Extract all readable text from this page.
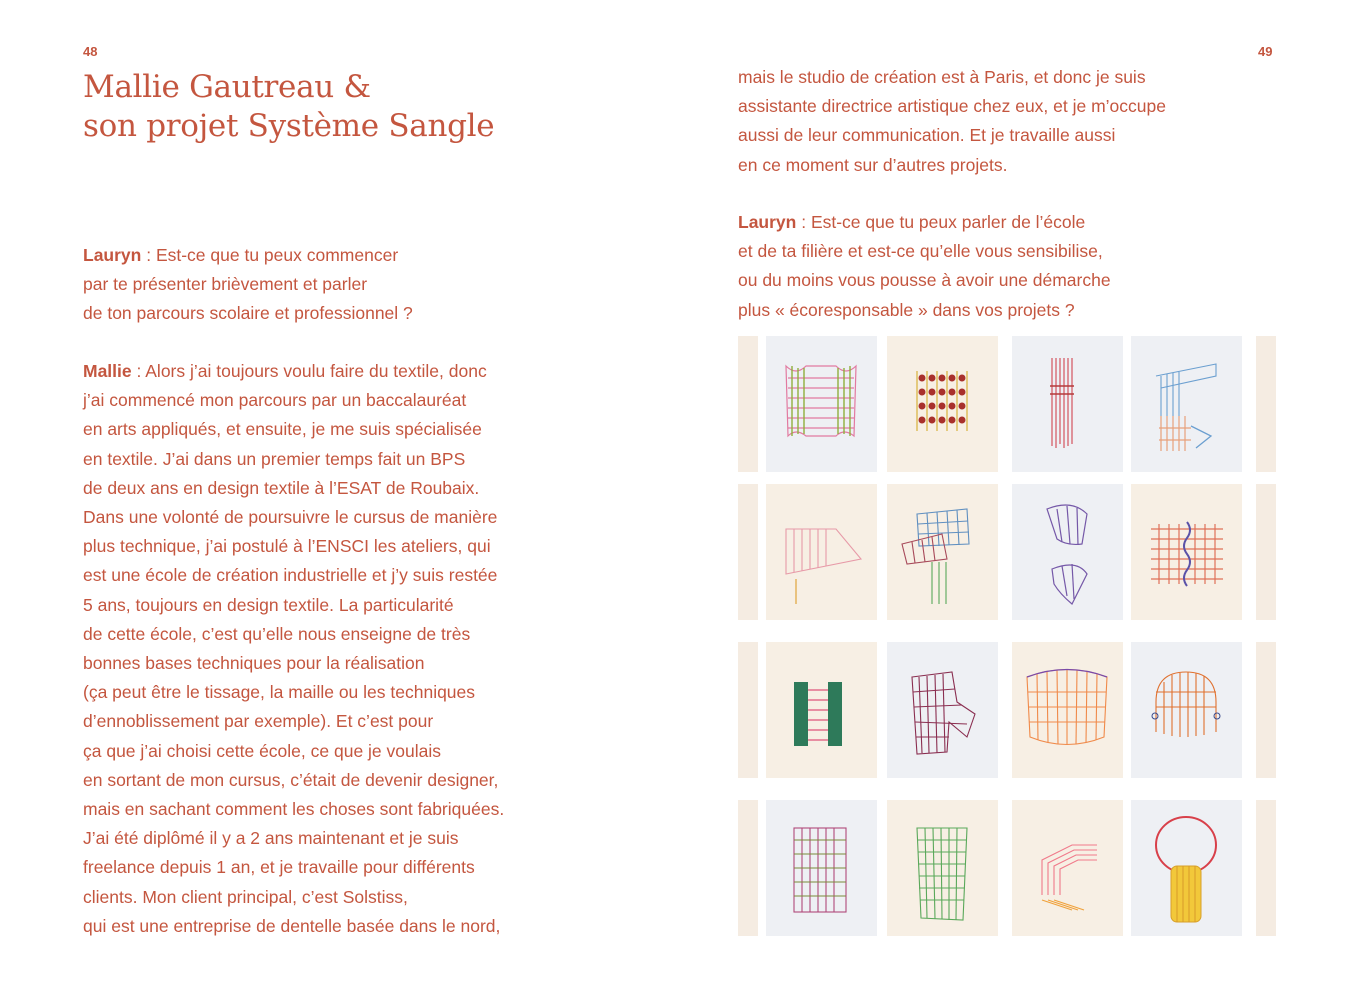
48	49
Mallie Gautreau &
son projet Système Sangle

Lauryn : Est-ce que tu peux commencer
par te présenter brièvement et parler
de ton parcours scolaire et professionnel ?

Mallie : Alors j’ai toujours voulu faire du textile, donc
j’ai commencé mon parcours par un baccalauréat
en arts appliqués, et ensuite, je me suis spécialisée
en textile. J’ai dans un premier temps fait un BPS
de deux ans en design textile à l’ESAT de Roubaix.
Dans une volonté de poursuivre le cursus de manière
plus technique, j’ai postulé à l’ENSCI les ateliers, qui
est une école de création industrielle et j’y suis restée
5 ans, toujours en design textile. La particularité
de cette école, c’est qu’elle nous enseigne de très
bonnes bases techniques pour la réalisation
(ça peut être le tissage, la maille ou les techniques
d’ennoblissement par exemple). Et c’est pour
ça que j’ai choisi cette école, ce que je voulais
en sortant de mon cursus, c’était de devenir designer,
mais en sachant comment les choses sont fabriquées.
J’ai été diplômé il y a 2 ans maintenant et je suis
freelance depuis 1 an, et je travaille pour différents
clients. Mon client principal, c’est Solstiss,
qui est une entreprise de dentelle basée dans le nord,

mais le studio de création est à Paris, et donc je suis
assistante directrice artistique chez eux, et je m’occupe
aussi de leur communication. Et je travaille aussi
en ce moment sur d’autres projets.

Lauryn : Est-ce que tu peux parler de l’école
et de ta filière et est-ce qu’elle vous sensibilise,
ou du moins vous pousse à avoir une démarche
plus « écoresponsable » dans vos projets ?
